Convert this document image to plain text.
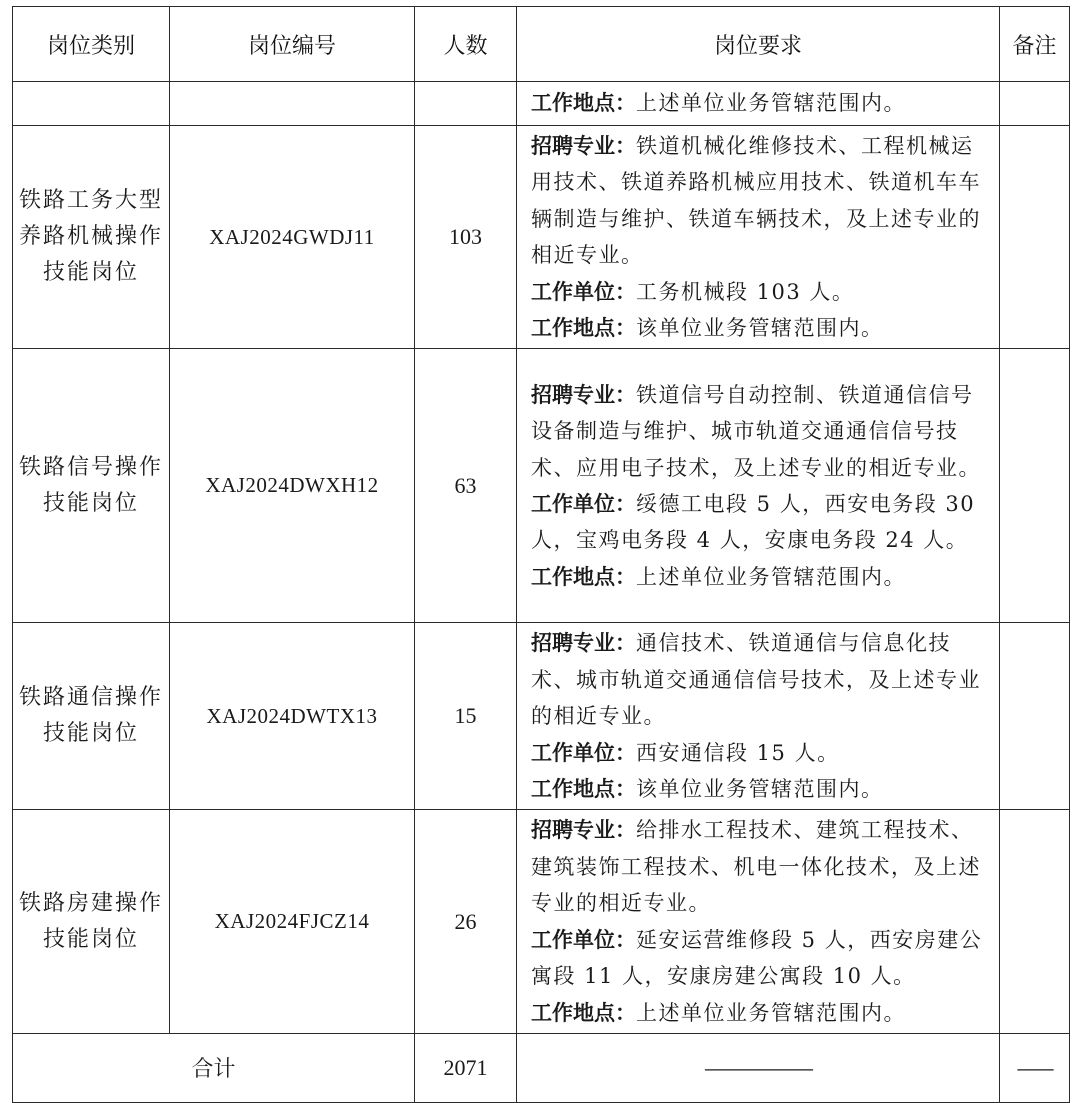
岗位类别	岗位编号	人数	岗位要求	备注

			工作地点：上述单位业务管辖范围内。	

铁路工务大型养路机械操作技能岗位	XAJ2024GWDJ11	103	招聘专业：铁道机械化维修技术、工程机械运用技术、铁道养路机械应用技术、铁道机车车辆制造与维护、铁道车辆技术，及上述专业的相近专业。
工作单位：工务机械段 103 人。
工作地点：该单位业务管辖范围内。	

铁路信号操作技能岗位	XAJ2024DWXH12	63	招聘专业：铁道信号自动控制、铁道通信信号设备制造与维护、城市轨道交通通信信号技术、应用电子技术，及上述专业的相近专业。
工作单位：绥德工电段 5 人，西安电务段 30 人，宝鸡电务段 4 人，安康电务段 24 人。
工作地点：上述单位业务管辖范围内。	

铁路通信操作技能岗位	XAJ2024DWTX13	15	招聘专业：通信技术、铁道通信与信息化技术、城市轨道交通通信信号技术，及上述专业的相近专业。
工作单位：西安通信段 15 人。
工作地点：该单位业务管辖范围内。	

铁路房建操作技能岗位	XAJ2024FJCZ14	26	招聘专业：给排水工程技术、建筑工程技术、建筑装饰工程技术、机电一体化技术，及上述专业的相近专业。
工作单位：延安运营维修段 5 人，西安房建公寓段 11 人，安康房建公寓段 10 人。
工作地点：上述单位业务管辖范围内。	

合计		2071	——————	——
